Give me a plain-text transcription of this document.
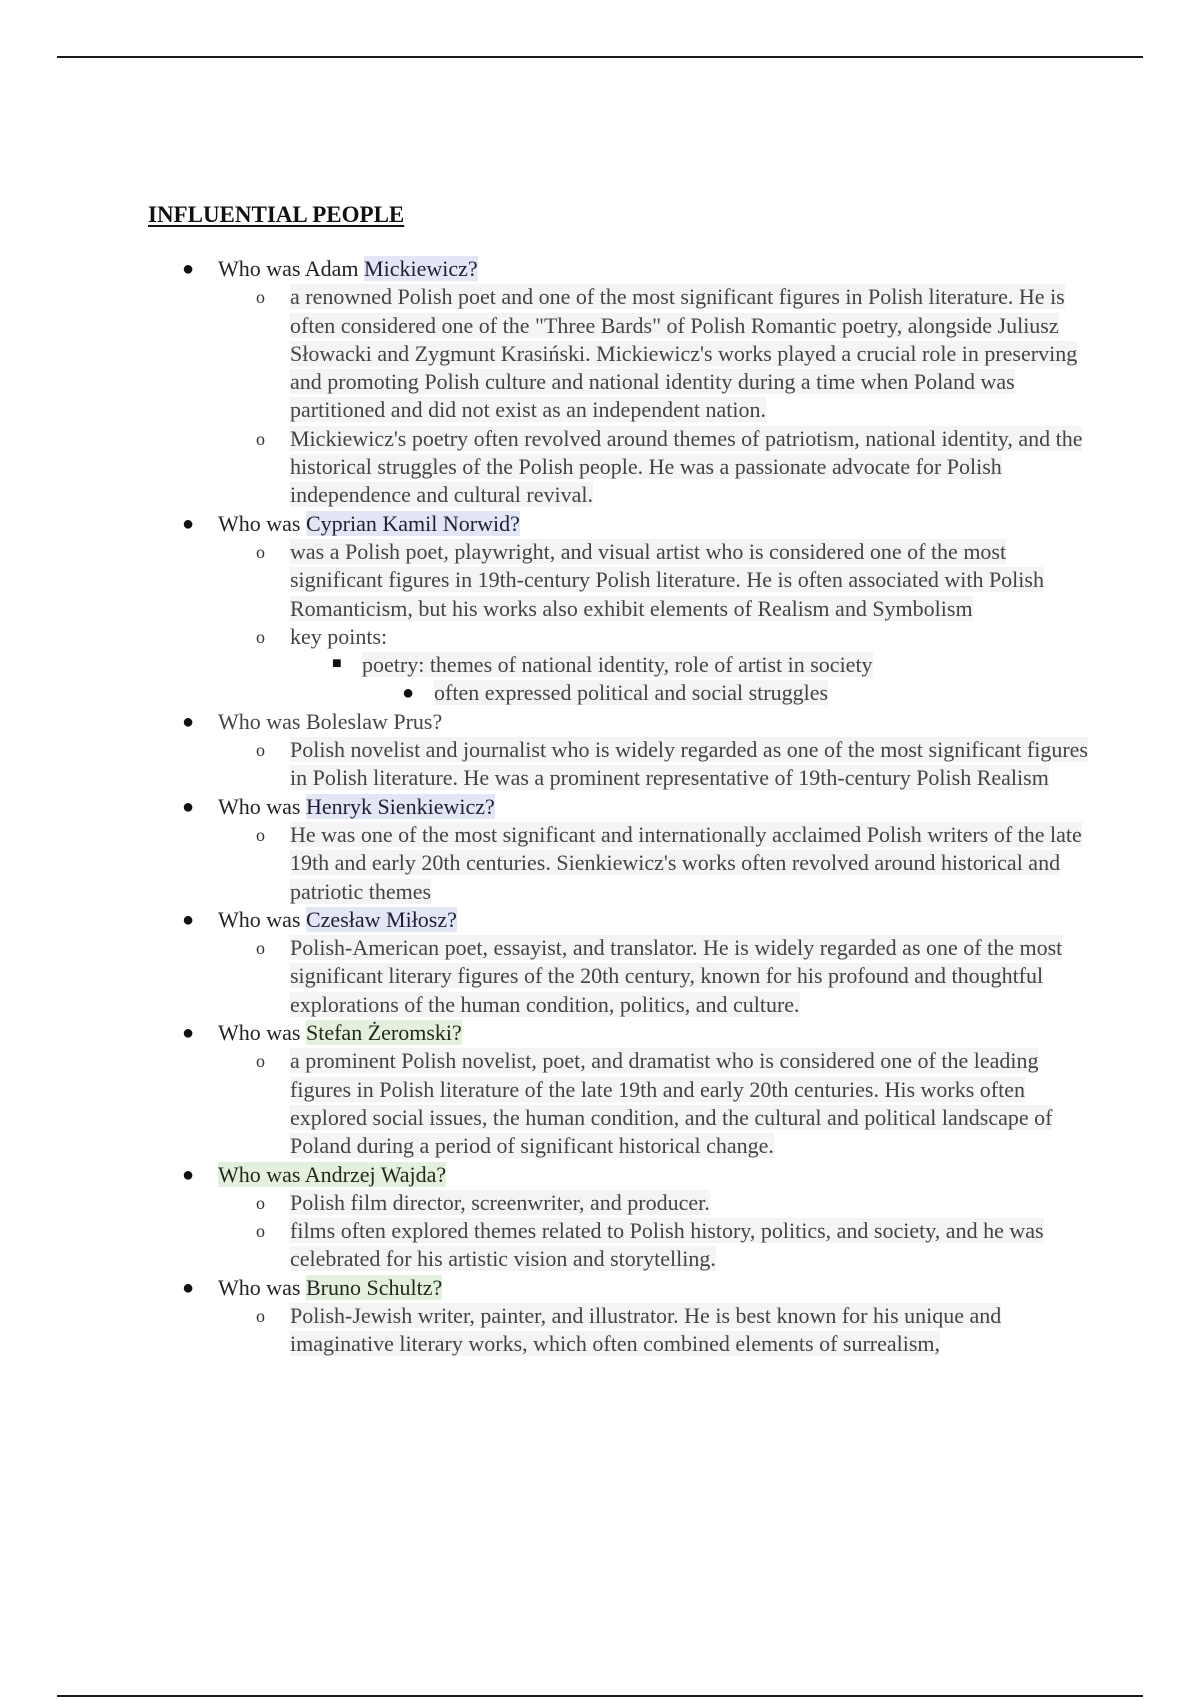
INFLUENTIAL PEOPLE
● Who was Adam Mickiewicz?
o a renowned Polish poet and one of the most significant figures in Polish literature. He is often considered one of the "Three Bards" of Polish Romantic poetry, alongside Juliusz Słowacki and Zygmunt Krasiński. Mickiewicz's works played a crucial role in preserving and promoting Polish culture and national identity during a time when Poland was partitioned and did not exist as an independent nation.
o Mickiewicz's poetry often revolved around themes of patriotism, national identity, and the historical struggles of the Polish people. He was a passionate advocate for Polish independence and cultural revival.
● Who was Cyprian Kamil Norwid?
o was a Polish poet, playwright, and visual artist who is considered one of the most significant figures in 19th-century Polish literature. He is often associated with Polish Romanticism, but his works also exhibit elements of Realism and Symbolism
o key points:
■ poetry: themes of national identity, role of artist in society
● often expressed political and social struggles
● Who was Boleslaw Prus?
o Polish novelist and journalist who is widely regarded as one of the most significant figures in Polish literature. He was a prominent representative of 19th-century Polish Realism
● Who was Henryk Sienkiewicz?
o He was one of the most significant and internationally acclaimed Polish writers of the late 19th and early 20th centuries. Sienkiewicz's works often revolved around historical and patriotic themes
● Who was Czesław Miłosz?
o Polish-American poet, essayist, and translator. He is widely regarded as one of the most significant literary figures of the 20th century, known for his profound and thoughtful explorations of the human condition, politics, and culture.
● Who was Stefan Żeromski?
o a prominent Polish novelist, poet, and dramatist who is considered one of the leading figures in Polish literature of the late 19th and early 20th centuries. His works often explored social issues, the human condition, and the cultural and political landscape of Poland during a period of significant historical change.
● Who was Andrzej Wajda?
o Polish film director, screenwriter, and producer.
o films often explored themes related to Polish history, politics, and society, and he was celebrated for his artistic vision and storytelling.
● Who was Bruno Schultz?
o Polish-Jewish writer, painter, and illustrator. He is best known for his unique and imaginative literary works, which often combined elements of surrealism,
